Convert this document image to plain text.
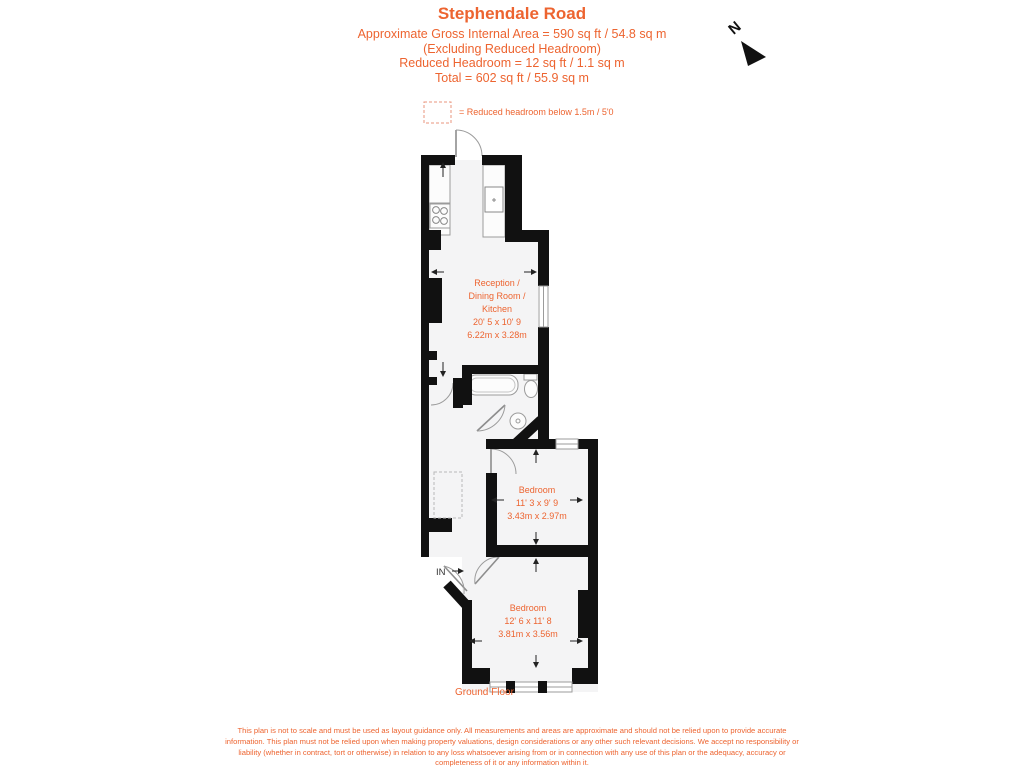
Stephendale Road
Approximate Gross Internal Area = 590 sq ft / 54.8 sq m
(Excluding Reduced Headroom)
Reduced Headroom = 12 sq ft / 1.1 sq m
Total = 602 sq ft / 55.9 sq m
= Reduced headroom below 1.5m / 5'0
N
IN
Reception /
Dining Room /
Kitchen
20' 5 x 10' 9
6.22m x 3.28m
Bedroom
11' 3 x 9' 9
3.43m x 2.97m
Bedroom
12' 6 x 11' 8
3.81m x 3.56m
Ground Floor
This plan is not to scale and must be used as layout guidance only. All measurements and areas are approximate and should not be relied upon to provide accurate information. This plan must not be relied upon when making property valuations, design considerations or any other such relevant decisions. We accept no responsibility or liability (whether in contract, tort or otherwise) in relation to any loss whatsoever arising from or in connection with any use of this plan or the adequacy, accuracy or completeness of it or any information within it.
